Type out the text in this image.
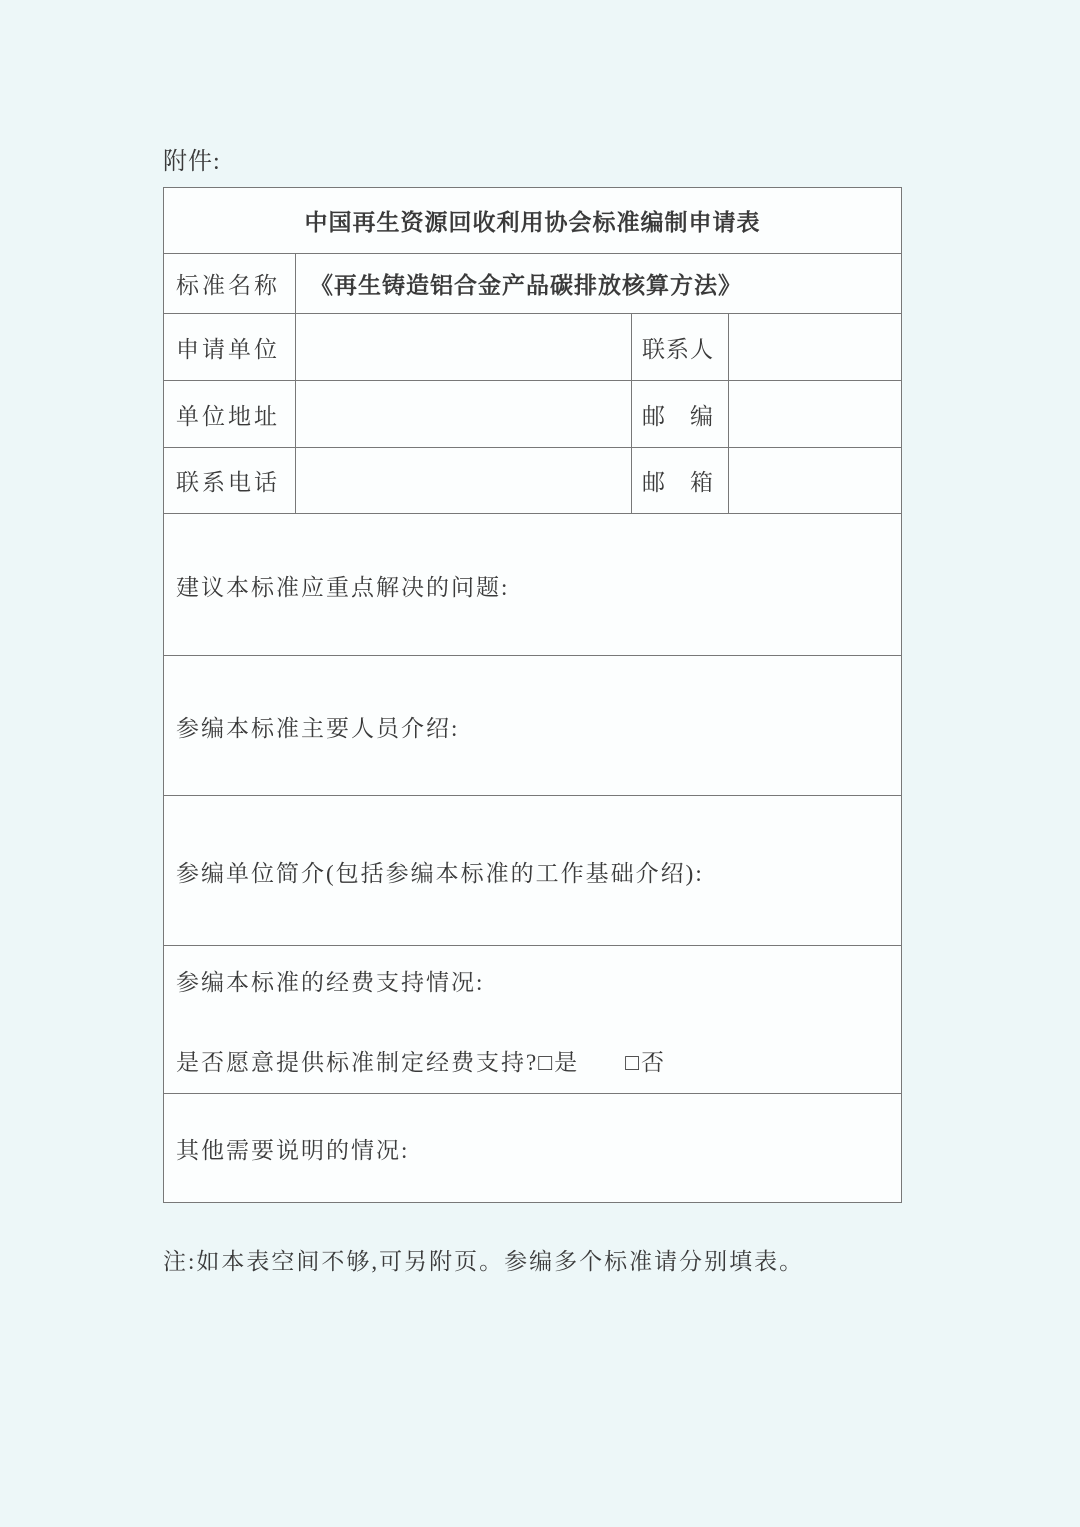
附件:
中国再生资源回收利用协会标准编制申请表			
标准名称	《再生铸造铝合金产品碳排放核算方法》		
申请单位		联系人	
单位地址		邮　编	
联系电话		邮　箱	

建议本标准应重点解决的问题:			

参编本标准主要人员介绍:			

参编单位简介(包括参编本标准的工作基础介绍):			

参编本标准的经费支持情况:
是否愿意提供标准制定经费支持?□是 □否			

其他需要说明的情况:			
注:如本表空间不够,可另附页。参编多个标准请分别填表。
